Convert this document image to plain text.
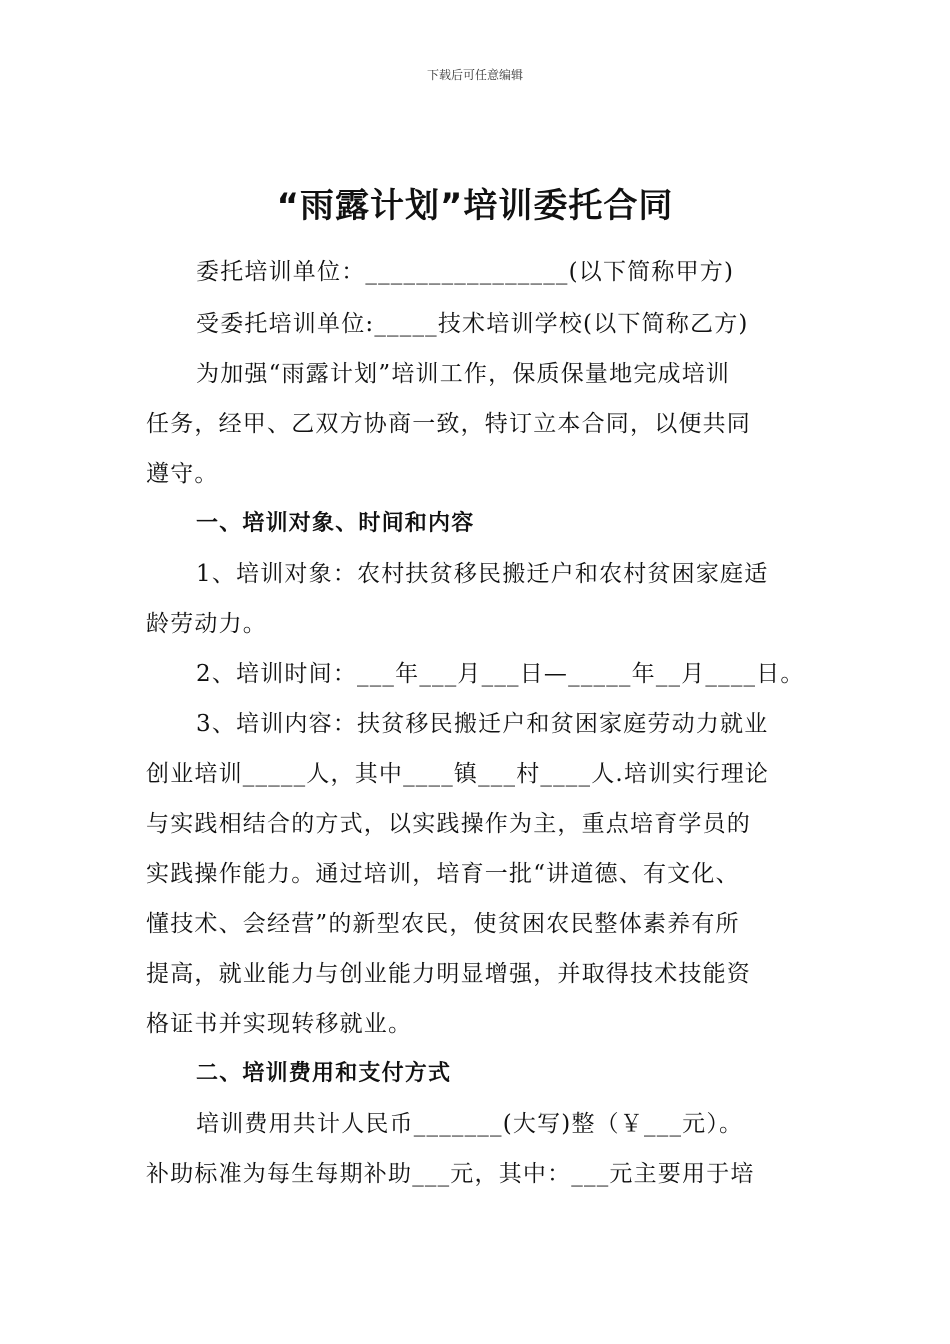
下载后可任意编辑
“雨露计划”培训委托合同
委托培训单位：________________(以下简称甲方)
受委托培训单位:_____技术培训学校(以下简称乙方)
为加强“雨露计划”培训工作，保质保量地完成培训
任务，经甲、乙双方协商一致，特订立本合同，以便共同
遵守。
一、培训对象、时间和内容
1、培训对象：农村扶贫移民搬迁户和农村贫困家庭适
龄劳动力。
2、培训时间：___年___月___日—_____年__月____日。
3、培训内容：扶贫移民搬迁户和贫困家庭劳动力就业
创业培训_____人，其中____镇___村____人.培训实行理论
与实践相结合的方式，以实践操作为主，重点培育学员的
实践操作能力。通过培训，培育一批“讲道德、有文化、
懂技术、会经营”的新型农民，使贫困农民整体素养有所
提高，就业能力与创业能力明显增强，并取得技术技能资
格证书并实现转移就业。
二、培训费用和支付方式
培训费用共计人民币_______(大写)整（￥___元）。
补助标准为每生每期补助___元，其中：___元主要用于培
